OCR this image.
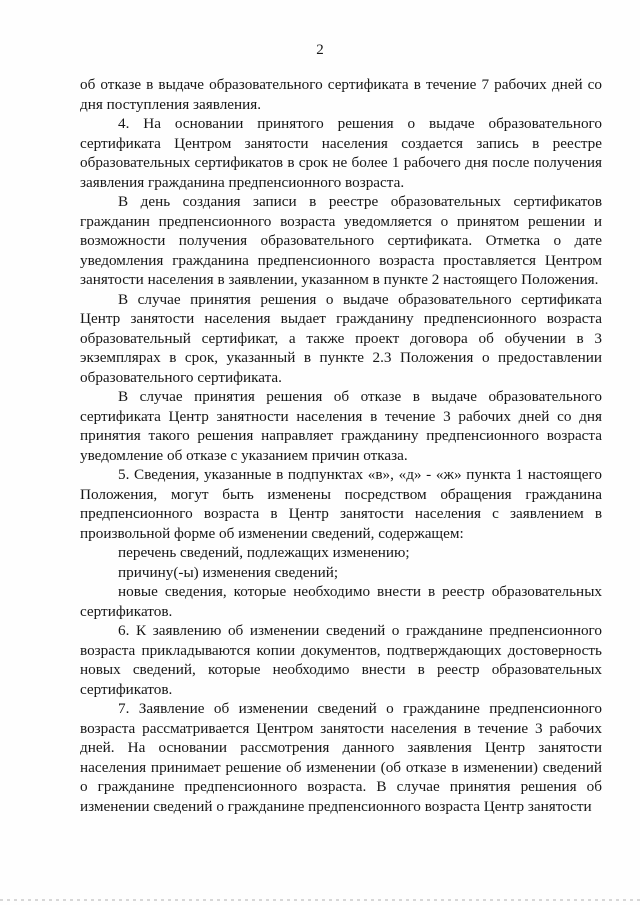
2

об отказе в выдаче образовательного сертификата в течение 7 рабочих дней со дня поступления заявления.

4. На основании принятого решения о выдаче образовательного сертификата Центром занятости населения создается запись в реестре образовательных сертификатов в срок не более 1 рабочего дня после получения заявления гражданина предпенсионного возраста.

В день создания записи в реестре образовательных сертификатов гражданин предпенсионного возраста уведомляется о принятом решении и возможности получения образовательного сертификата. Отметка о дате уведомления гражданина предпенсионного возраста проставляется Центром занятости населения в заявлении, указанном в пункте 2 настоящего Положения.

В случае принятия решения о выдаче образовательного сертификата Центр занятости населения выдает гражданину предпенсионного возраста образовательный сертификат, а также проект договора об обучении в 3 экземплярах в срок, указанный в пункте 2.3 Положения о предоставлении образовательного сертификата.

В случае принятия решения об отказе в выдаче образовательного сертификата Центр занятности населения в течение 3 рабочих дней со дня принятия такого решения направляет гражданину предпенсионного возраста уведомление об отказе с указанием причин отказа.

5. Сведения, указанные в подпунктах «в», «д» - «ж» пункта 1 настоящего Положения, могут быть изменены посредством обращения гражданина предпенсионного возраста в Центр занятости населения с заявлением в произвольной форме об изменении сведений, содержащем:

перечень сведений, подлежащих изменению;

причину(-ы) изменения сведений;

новые сведения, которые необходимо внести в реестр образовательных сертификатов.

6. К заявлению об изменении сведений о гражданине предпенсионного возраста прикладываются копии документов, подтверждающих достоверность новых сведений, которые необходимо внести в реестр образовательных сертификатов.

7. Заявление об изменении сведений о гражданине предпенсионного возраста рассматривается Центром занятости населения в течение 3 рабочих дней. На основании рассмотрения данного заявления Центр занятости населения принимает решение об изменении (об отказе в изменении) сведений о гражданине предпенсионного возраста. В случае принятия решения об изменении сведений о гражданине предпенсионного возраста Центр занятости
